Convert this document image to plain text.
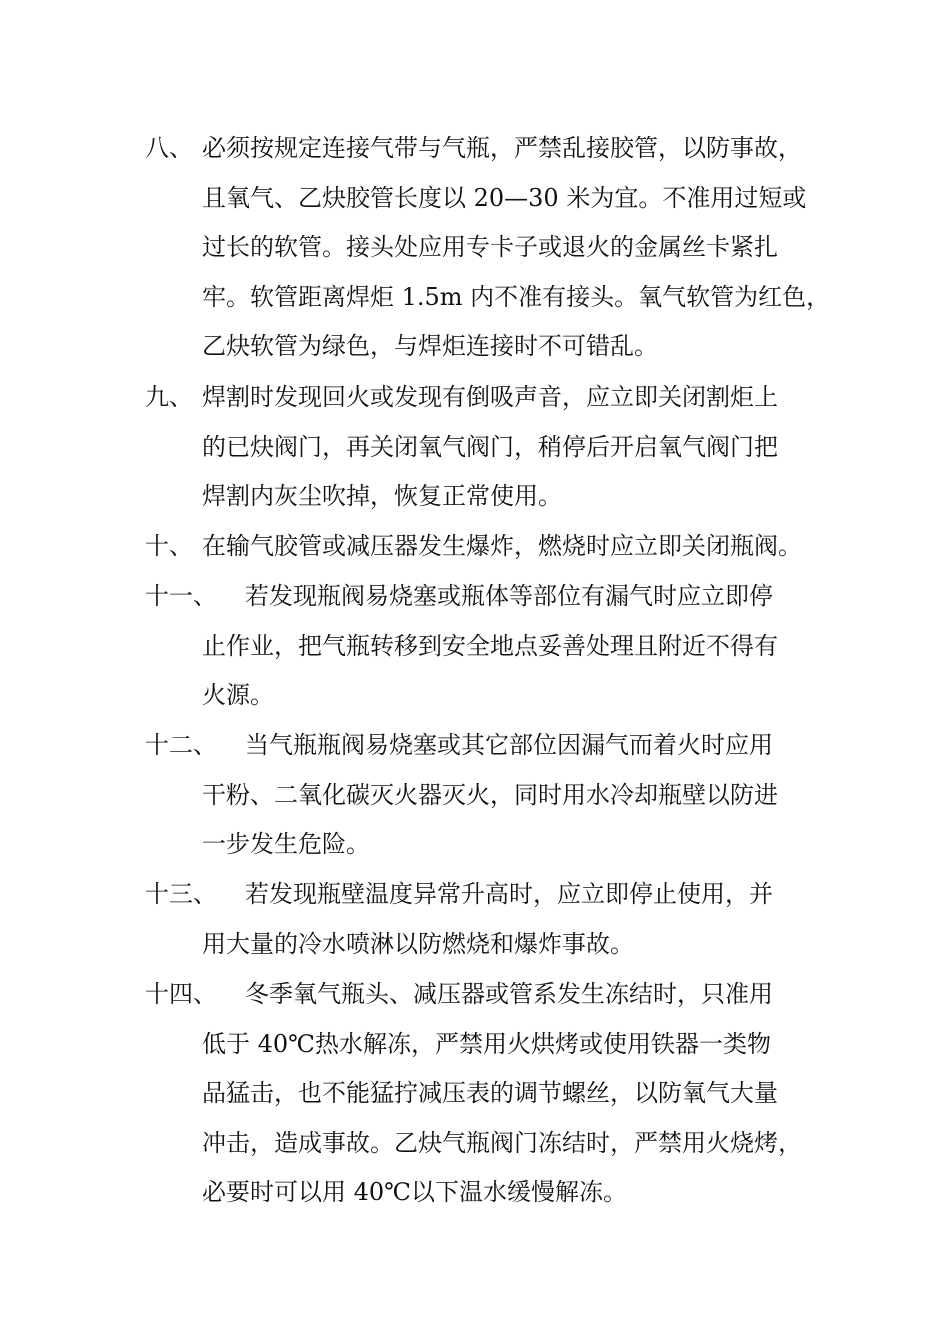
八、 必须按规定连接气带与气瓶，严禁乱接胶管，以防事故，
且氧气、乙炔胶管长度以 20—30 米为宜。不准用过短或
过长的软管。接头处应用专卡子或退火的金属丝卡紧扎
牢。软管距离焊炬 1.5m 内不准有接头。氧气软管为红色，
乙炔软管为绿色，与焊炬连接时不可错乱。
九、 焊割时发现回火或发现有倒吸声音，应立即关闭割炬上
的已炔阀门，再关闭氧气阀门，稍停后开启氧气阀门把
焊割内灰尘吹掉，恢复正常使用。
十、 在输气胶管或减压器发生爆炸，燃烧时应立即关闭瓶阀。
十一、	若发现瓶阀易烧塞或瓶体等部位有漏气时应立即停
止作业，把气瓶转移到安全地点妥善处理且附近不得有
火源。
十二、	当气瓶瓶阀易烧塞或其它部位因漏气而着火时应用
干粉、二氧化碳灭火器灭火，同时用水冷却瓶壁以防进
一步发生危险。
十三、	若发现瓶壁温度异常升高时，应立即停止使用，并
用大量的冷水喷淋以防燃烧和爆炸事故。
十四、	冬季氧气瓶头、减压器或管系发生冻结时，只准用
低于 40℃热水解冻，严禁用火烘烤或使用铁器一类物
品猛击，也不能猛拧减压表的调节螺丝，以防氧气大量
冲击，造成事故。乙炔气瓶阀门冻结时，严禁用火烧烤，
必要时可以用 40℃以下温水缓慢解冻。
